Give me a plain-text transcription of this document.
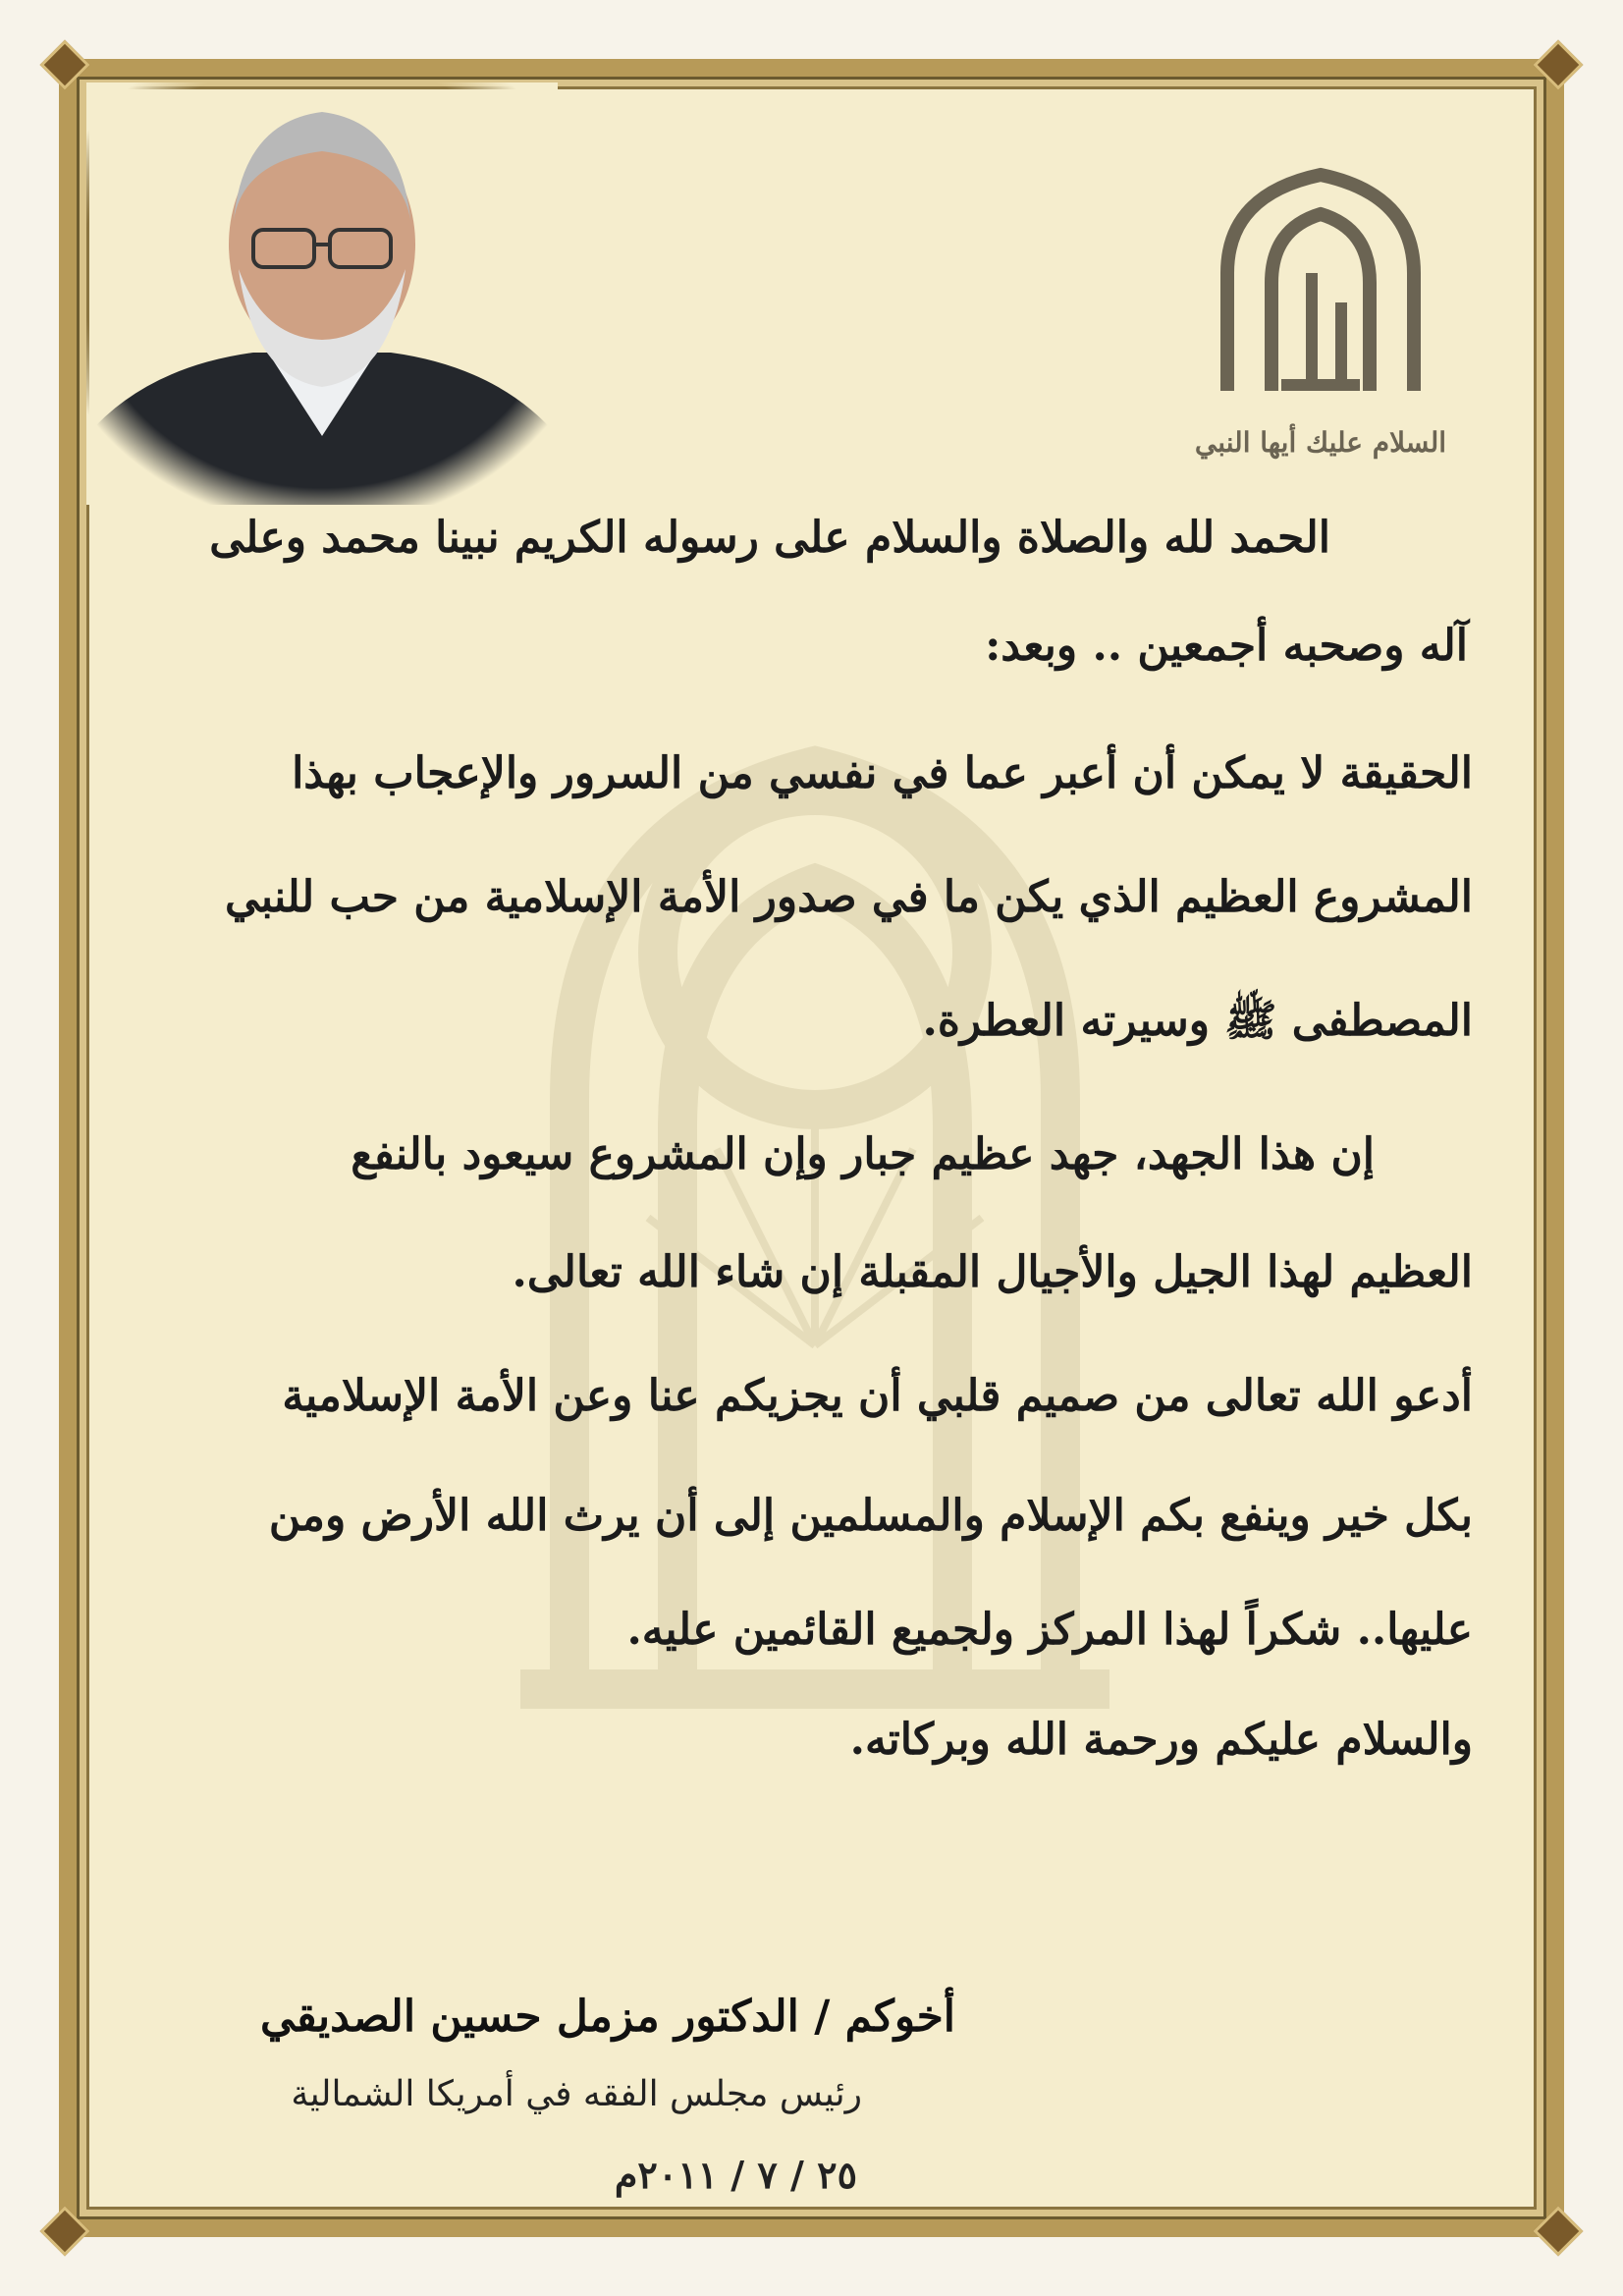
السلام عليك أيها النبي

الحمد لله والصلاة والسلام على رسوله الكريم نبينا محمد وعلى

آله وصحبه أجمعين .. وبعد:

الحقيقة لا يمكن أن أعبر عما في نفسي من السرور والإعجاب بهذا

المشروع العظيم الذي يكن ما في صدور الأمة الإسلامية من حب للنبي

المصطفى ﷺ وسيرته العطرة.

إن هذا الجهد، جهد عظيم جبار وإن المشروع سيعود بالنفع

العظيم لهذا الجيل والأجيال المقبلة إن شاء الله تعالى.

أدعو الله تعالى من صميم قلبي أن يجزيكم عنا وعن الأمة الإسلامية

بكل خير وينفع بكم الإسلام والمسلمين إلى أن يرث الله الأرض ومن

عليها.. شكراً لهذا المركز ولجميع القائمين عليه.

والسلام عليكم ورحمة الله وبركاته.

أخوكم / الدكتور مزمل حسين الصديقي
رئيس مجلس الفقه في أمريكا الشمالية
٢٥ / ٧ / ٢٠١١م
